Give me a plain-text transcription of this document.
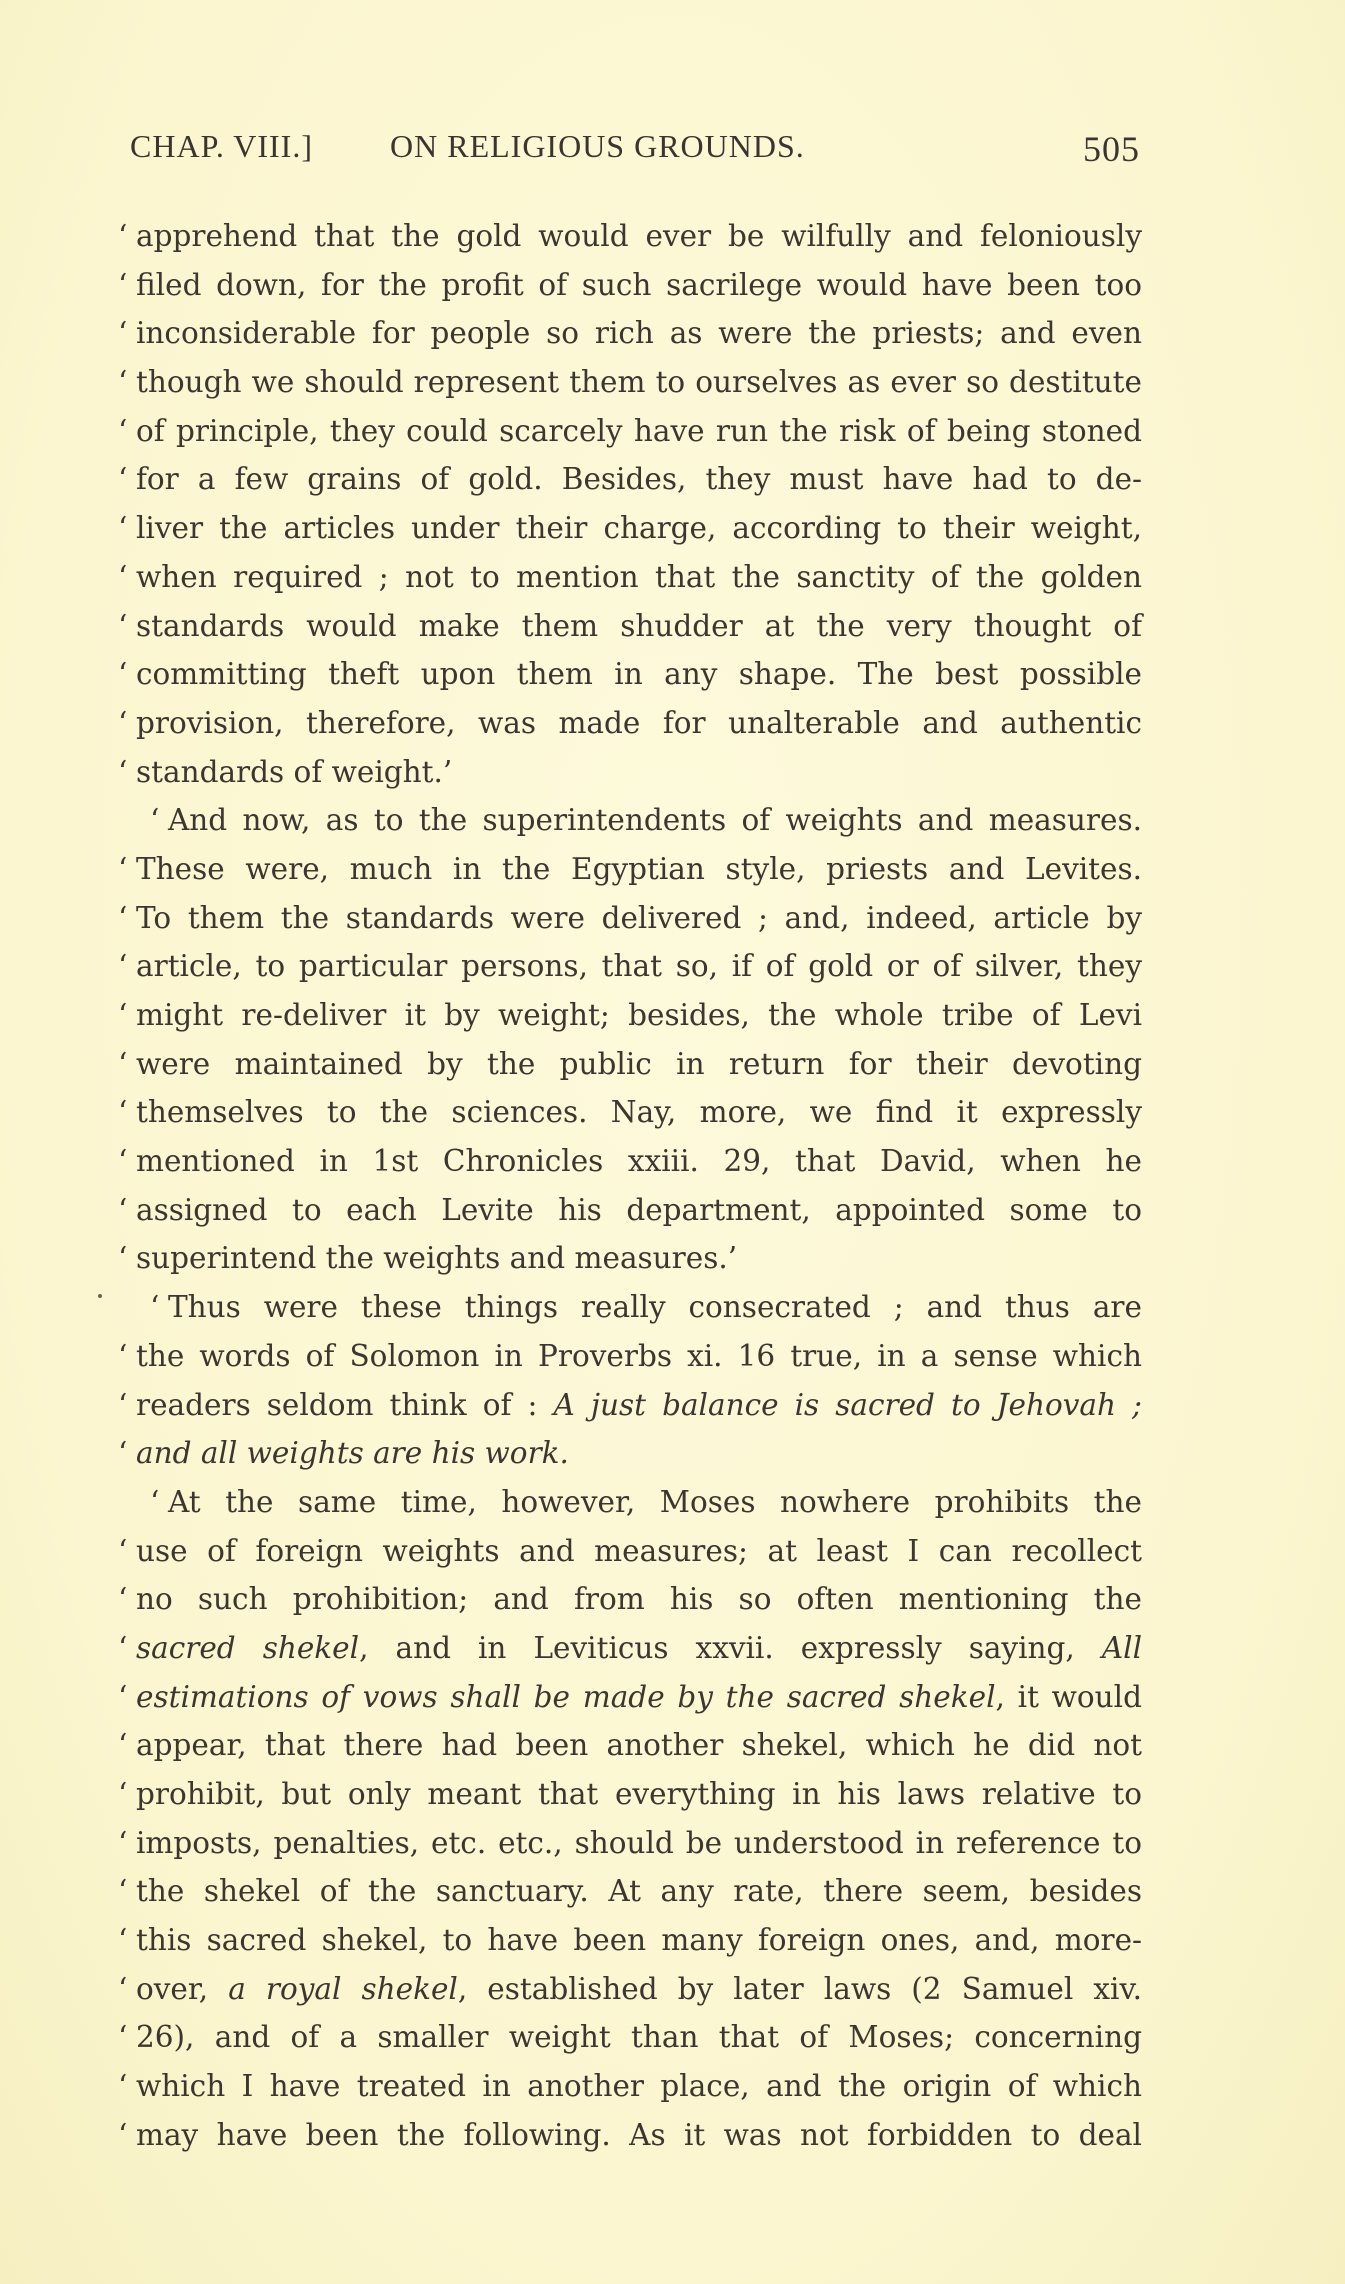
CHAP. VIII.] ON RELIGIOUS GROUNDS.	505
‘ apprehend that the gold would ever be wilfully and feloniously
‘ filed down, for the profit of such sacrilege would have been too
‘ inconsiderable for people so rich as were the priests; and even
‘ though we should represent them to ourselves as ever so destitute
‘ of principle, they could scarcely have run the risk of being stoned
‘ for a few grains of gold. Besides, they must have had to de-
‘ liver the articles under their charge, according to their weight,
‘ when required ; not to mention that the sanctity of the golden
‘ standards would make them shudder at the very thought of
‘ committing theft upon them in any shape. The best possible
‘ provision, therefore, was made for unalterable and authentic
‘ standards of weight.’
‘ And now, as to the superintendents of weights and measures.
‘ These were, much in the Egyptian style, priests and Levites.
‘ To them the standards were delivered ; and, indeed, article by
‘ article, to particular persons, that so, if of gold or of silver, they
‘ might re-deliver it by weight; besides, the whole tribe of Levi
‘ were maintained by the public in return for their devoting
‘ themselves to the sciences. Nay, more, we find it expressly
‘ mentioned in 1st Chronicles xxiii. 29, that David, when he
‘ assigned to each Levite his department, appointed some to
‘ superintend the weights and measures.’
‘ Thus were these things really consecrated ; and thus are
‘ the words of Solomon in Proverbs xi. 16 true, in a sense which
‘ readers seldom think of : A just balance is sacred to Jehovah ;
‘ and all weights are his work.
‘ At the same time, however, Moses nowhere prohibits the
‘ use of foreign weights and measures; at least I can recollect
‘ no such prohibition; and from his so often mentioning the
‘ sacred shekel, and in Leviticus xxvii. expressly saying, All
‘ estimations of vows shall be made by the sacred shekel, it would
‘ appear, that there had been another shekel, which he did not
‘ prohibit, but only meant that everything in his laws relative to
‘ imposts, penalties, etc. etc., should be understood in reference to
‘ the shekel of the sanctuary. At any rate, there seem, besides
‘ this sacred shekel, to have been many foreign ones, and, more-
‘ over, a royal shekel, established by later laws (2 Samuel xiv.
‘ 26), and of a smaller weight than that of Moses; concerning
‘ which I have treated in another place, and the origin of which
‘ may have been the following. As it was not forbidden to deal
